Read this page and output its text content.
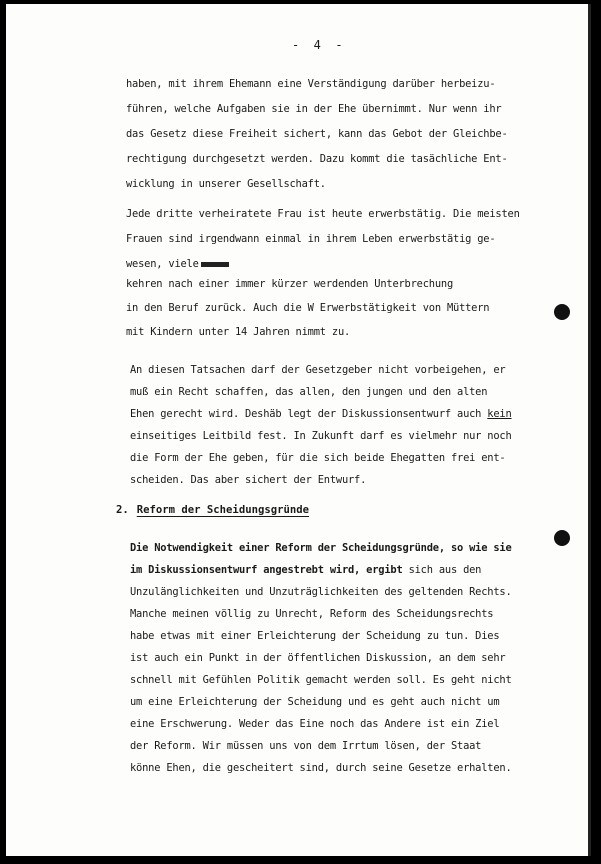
-  4  -
haben, mit ihrem Ehemann eine Verständigung darüber herbeizu-
führen, welche Aufgaben sie in der Ehe übernimmt. Nur wenn ihr
das Gesetz diese Freiheit sichert, kann das Gebot der Gleichbe-
rechtigung durchgesetzt werden. Dazu kommt die tasächliche Ent-
wicklung in unserer Gesellschaft.
Jede dritte verheiratete Frau ist heute erwerbstätig. Die meisten
Frauen sind irgendwann einmal in ihrem Leben erwerbstätig ge-
wesen, viele
kehren nach einer immer kürzer werdenden Unterbrechung
in den Beruf zurück. Auch die W Erwerbstätigkeit von Müttern
mit Kindern unter 14 Jahren nimmt zu.
An diesen Tatsachen darf der Gesetzgeber nicht vorbeigehen, er
muß ein Recht schaffen, das allen, den jungen und den alten
Ehen gerecht wird. Deshäb legt der Diskussionsentwurf auch kein
einseitiges Leitbild fest. In Zukunft darf es vielmehr nur noch
die Form der Ehe geben, für die sich beide Ehegatten frei ent-
scheiden. Das aber sichert der Entwurf.
2. Reform der Scheidungsgründe
Die Notwendigkeit einer Reform der Scheidungsgründe, so wie sie
im Diskussionsentwurf angestrebt wird, ergibt sich aus den
Unzulänglichkeiten und Unzuträglichkeiten des geltenden Rechts.
Manche meinen völlig zu Unrecht, Reform des Scheidungsrechts
habe etwas mit einer Erleichterung der Scheidung zu tun. Dies
ist auch ein Punkt in der öffentlichen Diskussion, an dem sehr
schnell mit Gefühlen Politik gemacht werden soll. Es geht nicht
um eine Erleichterung der Scheidung und es geht auch nicht um
eine Erschwerung. Weder das Eine noch das Andere ist ein Ziel
der Reform. Wir müssen uns von dem Irrtum lösen, der Staat
könne Ehen, die gescheitert sind, durch seine Gesetze erhalten.
